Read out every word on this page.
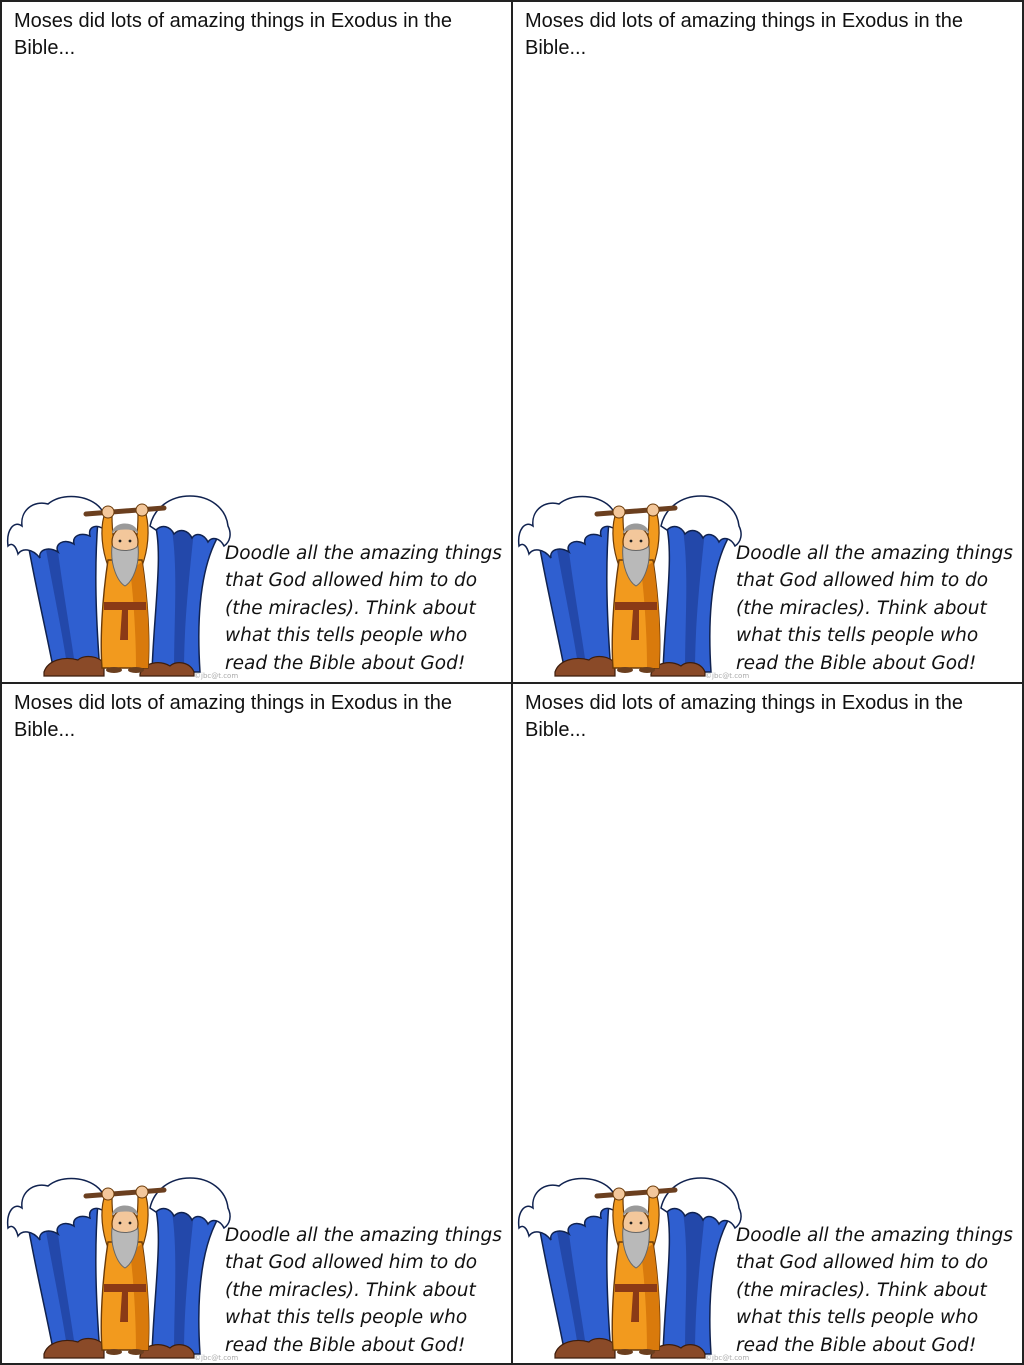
Moses did lots of amazing things in Exodus in the Bible...

Doodle all the amazing things that God allowed him to do (the miracles). Think about what this tells people who read the Bible about God!

©jbc@t.com

Moses did lots of amazing things in Exodus in the Bible...

Doodle all the amazing things that God allowed him to do (the miracles). Think about what this tells people who read the Bible about God!

©jbc@t.com

Moses did lots of amazing things in Exodus in the Bible...

Doodle all the amazing things that God allowed him to do (the miracles). Think about what this tells people who read the Bible about God!

©jbc@t.com

Moses did lots of amazing things in Exodus in the Bible...

Doodle all the amazing things that God allowed him to do (the miracles). Think about what this tells people who read the Bible about God!

©jbc@t.com
